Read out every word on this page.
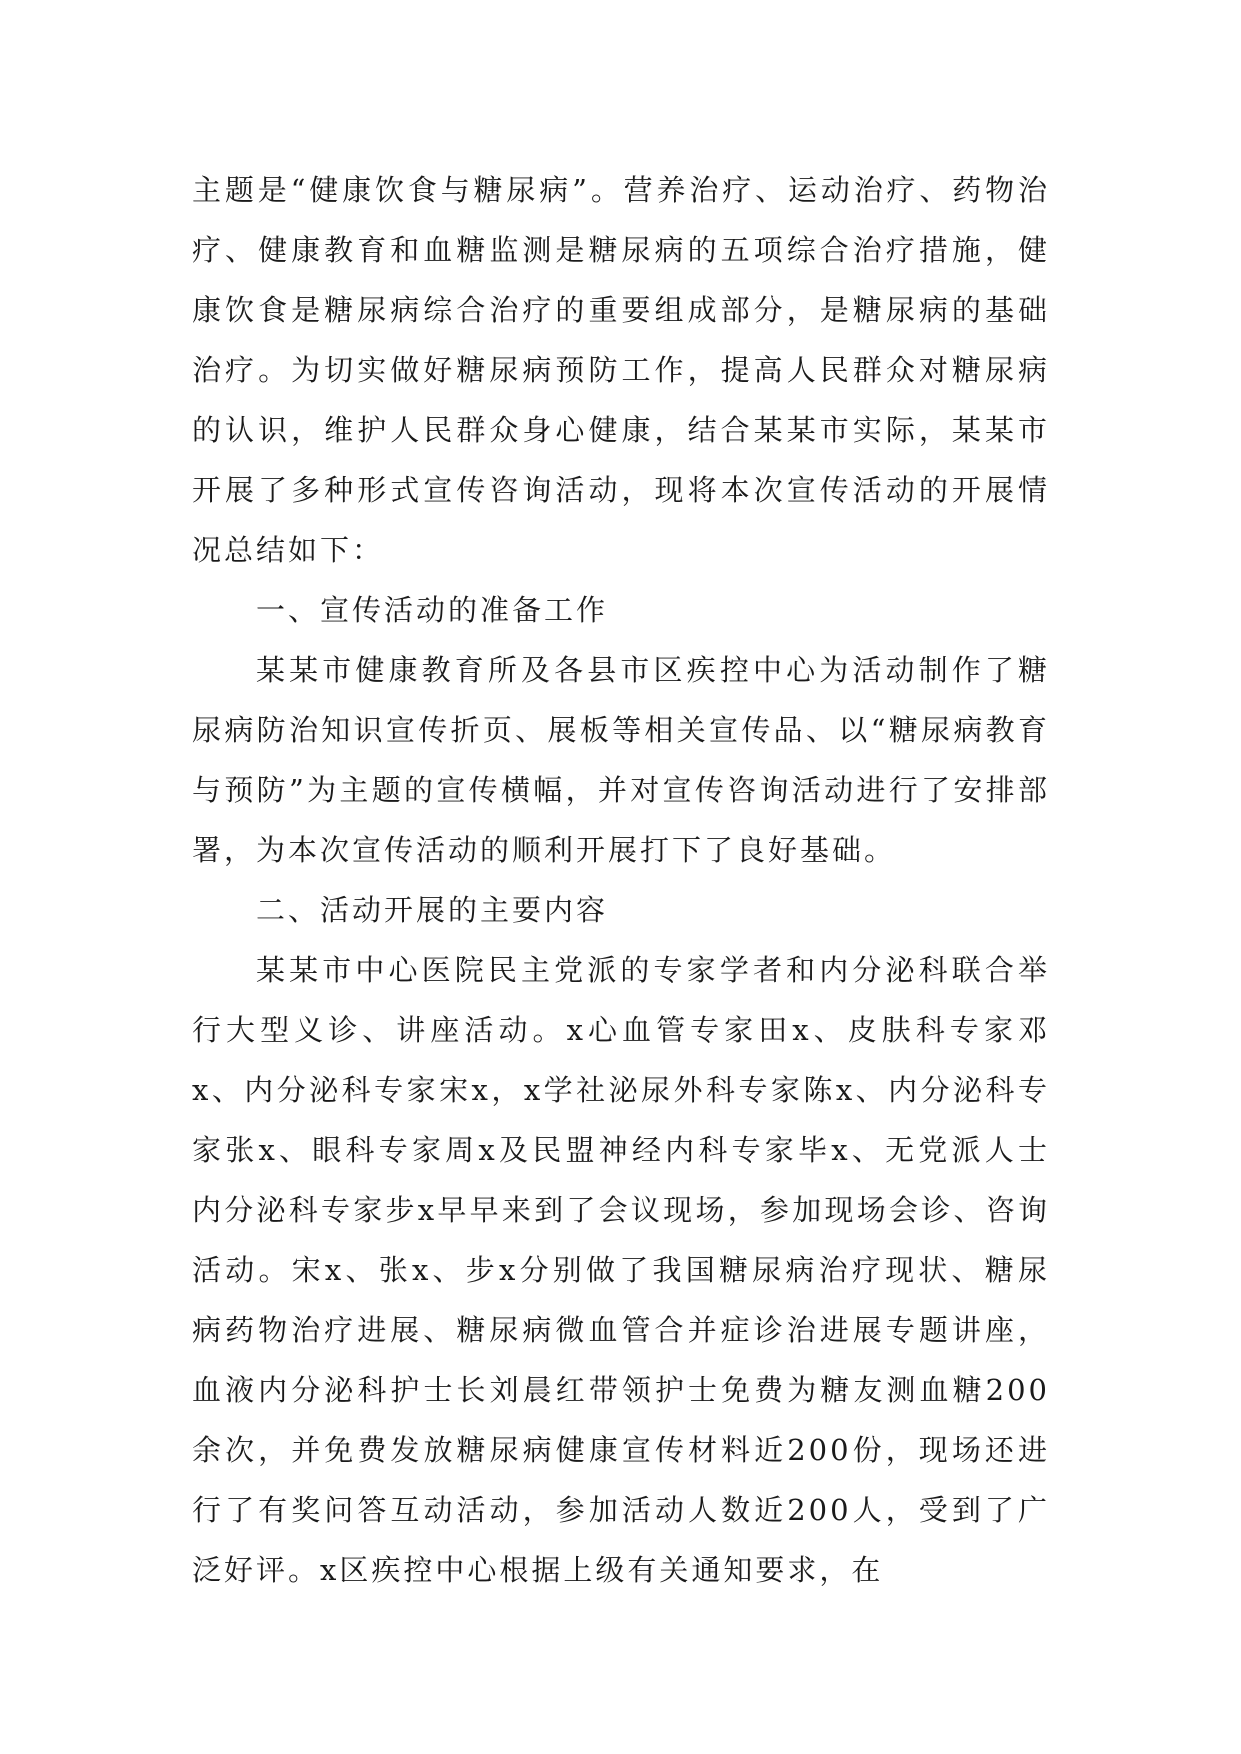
主题是“健康饮食与糖尿病”。营养治疗、运动治疗、药物治疗、健康教育和血糖监测是糖尿病的五项综合治疗措施，健康饮食是糖尿病综合治疗的重要组成部分，是糖尿病的基础治疗。为切实做好糖尿病预防工作，提高人民群众对糖尿病的认识，维护人民群众身心健康，结合某某市实际，某某市开展了多种形式宣传咨询活动，现将本次宣传活动的开展情况总结如下：

一、宣传活动的准备工作

某某市健康教育所及各县市区疾控中心为活动制作了糖尿病防治知识宣传折页、展板等相关宣传品、以“糖尿病教育与预防”为主题的宣传横幅，并对宣传咨询活动进行了安排部署，为本次宣传活动的顺利开展打下了良好基础。

二、活动开展的主要内容

某某市中心医院民主党派的专家学者和内分泌科联合举行大型义诊、讲座活动。x心血管专家田x、皮肤科专家邓x、内分泌科专家宋x，x学社泌尿外科专家陈x、内分泌科专家张x、眼科专家周x及民盟神经内科专家毕x、无党派人士内分泌科专家步x早早来到了会议现场，参加现场会诊、咨询活动。宋x、张x、步x分别做了我国糖尿病治疗现状、糖尿病药物治疗进展、糖尿病微血管合并症诊治进展专题讲座，血液内分泌科护士长刘晨红带领护士免费为糖友测血糖200余次，并免费发放糖尿病健康宣传材料近200份，现场还进行了有奖问答互动活动，参加活动人数近200人，受到了广泛好评。x区疾控中心根据上级有关通知要求，在
